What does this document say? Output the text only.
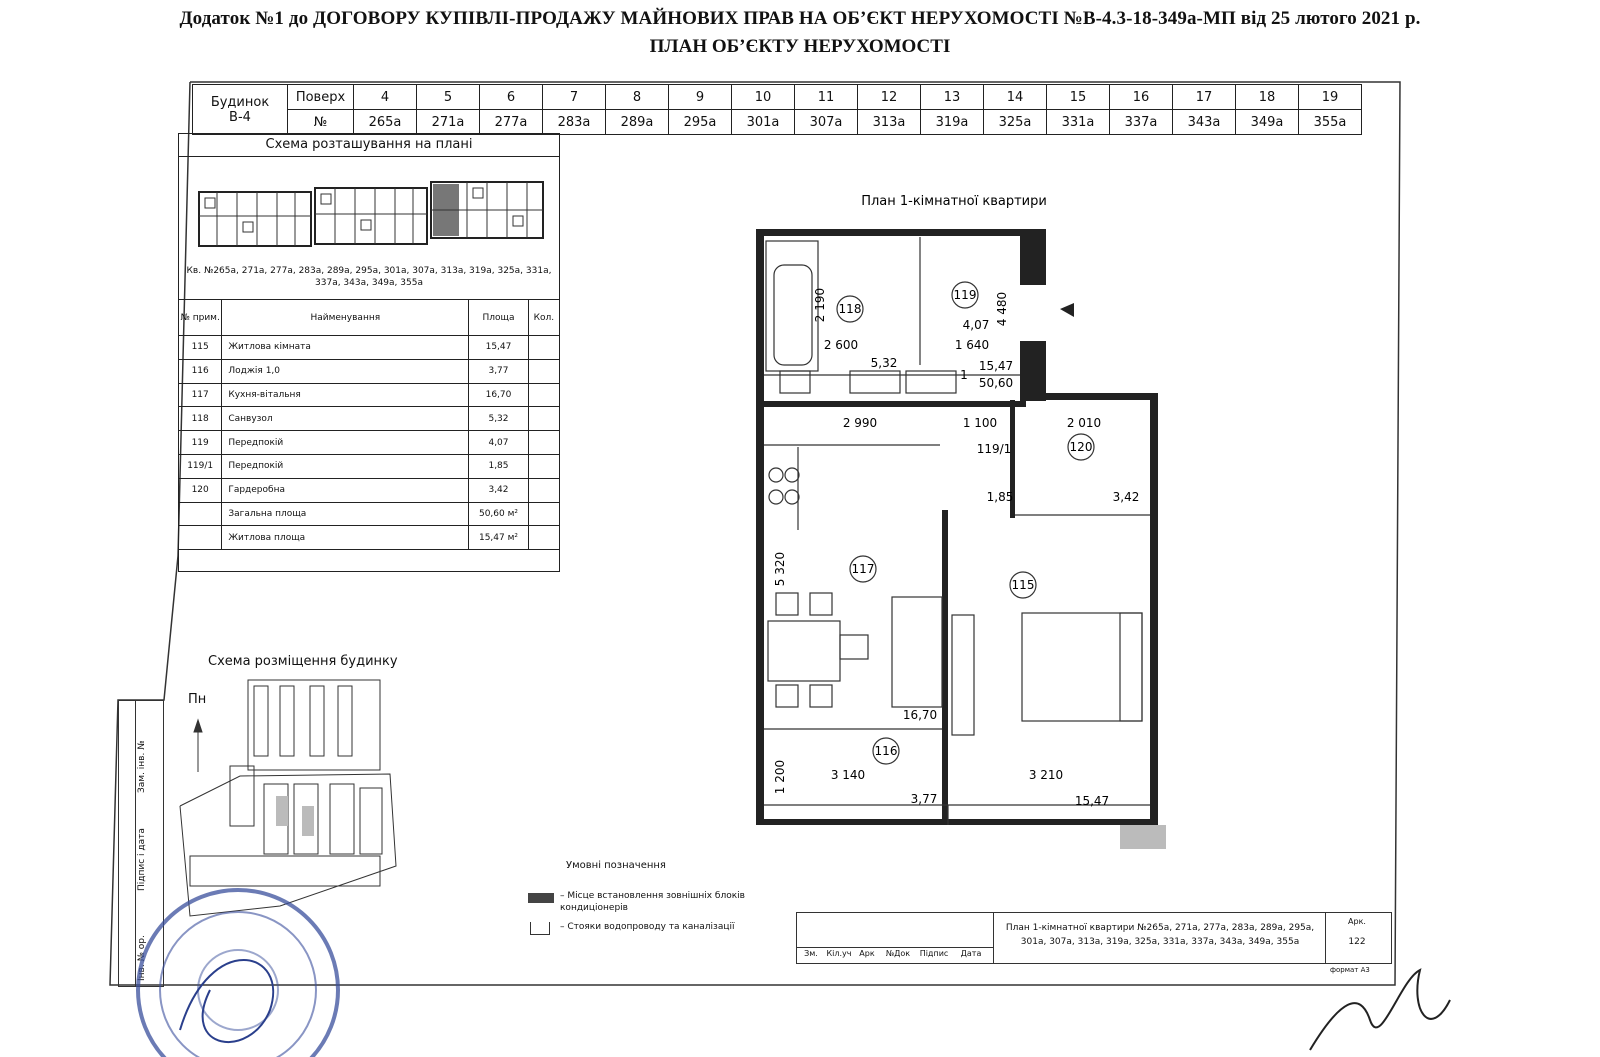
Додаток №1 до ДОГОВОРУ КУПІВЛІ-ПРОДАЖУ МАЙНОВИХ ПРАВ НА ОБ’ЄКТ НЕРУХОМОСТІ №В-4.3-18-349а-МП від 25 лютого 2021 р.
ПЛАН ОБ’ЄКТУ НЕРУХОМОСТІ
Будинок
В-4	Поверх	4	5	6	7	8	9	10	11	12	13	14	15	16	17	18	19
	№	265а	271а	277а	283а	289а	295а	301а	307а	313а	319а	325а	331а	337а	343а	349а	355а
Схема розташування на плані
Кв. №265а, 271а, 277а, 283а, 289а, 295а, 301а, 307а, 313а, 319а, 325а, 331а, 337а, 343а, 349а, 355а
№ прим.	Найменування	Площа	Кол.
115	Житлова кімната	15,47	
116	Лоджія 1,0	3,77	
117	Кухня-вітальня	16,70	
118	Санвузол	5,32	
119	Передпокій	4,07	
119/1	Передпокій	1,85	
120	Гардеробна	3,42	
	Загальна площа	50,60 м²	
	Житлова площа	15,47 м²	
План 1-кімнатної квартири
118
119
117
120
115
116
119/1
2 190	4 480
4,07
2 600	1 640
5,32
1
15,47
50,60
2 990	1 100	2 010
1,85	3,42
5 320
16,70
1 200	3 140	3 210
3,77	15,47
Схема розміщення будинку
Пн
Зам. інв. №
Підпис і дата
Інв. № ор.
Умовні позначення
– Місце встановлення зовнішніх блоків кондиціонерів
– Стояки водопроводу та каналізації
Зм.	Кіл.уч Арк	№Док	Підпис	Дата
План 1-кімнатної квартири №265а, 271а, 277а, 283а, 289а, 295а, 301а, 307а, 313а, 319а, 325а, 331а, 337а, 343а, 349а, 355а
Арк.
122
формат А3
